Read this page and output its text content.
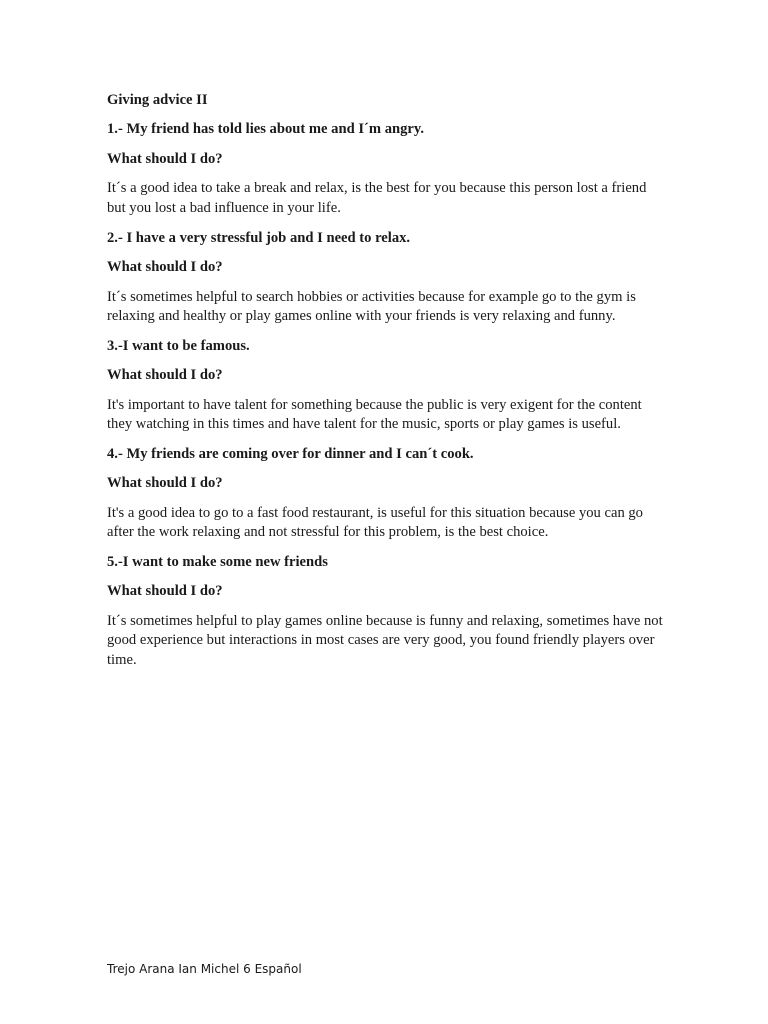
Giving advice II

1.- My friend has told lies about me and I´m angry.

What should I do?

It´s a good idea to take a break and relax, is the best for you because this person lost a friend but you lost a bad influence in your life.

2.- I have a very stressful job and I need to relax.

What should I do?

It´s sometimes helpful to search hobbies or activities because for example go to the gym is relaxing and healthy or play games online with your friends is very relaxing and funny.

3.-I want to be famous.

What should I do?

It's important to have talent for something because the public is very exigent for the content they watching in this times and have talent for the music, sports or play games is useful.

4.- My friends are coming over for dinner and I can´t cook.

What should I do?

It's a good idea to go to a fast food restaurant, is useful for this situation because you can go after the work relaxing and not stressful for this problem, is the best choice.

5.-I want to make some new friends

What should I do?

It´s sometimes helpful to play games online because is funny and relaxing, sometimes have not good experience but interactions in most cases are very good, you found friendly players over time.

Trejo Arana Ian Michel 6 Español
